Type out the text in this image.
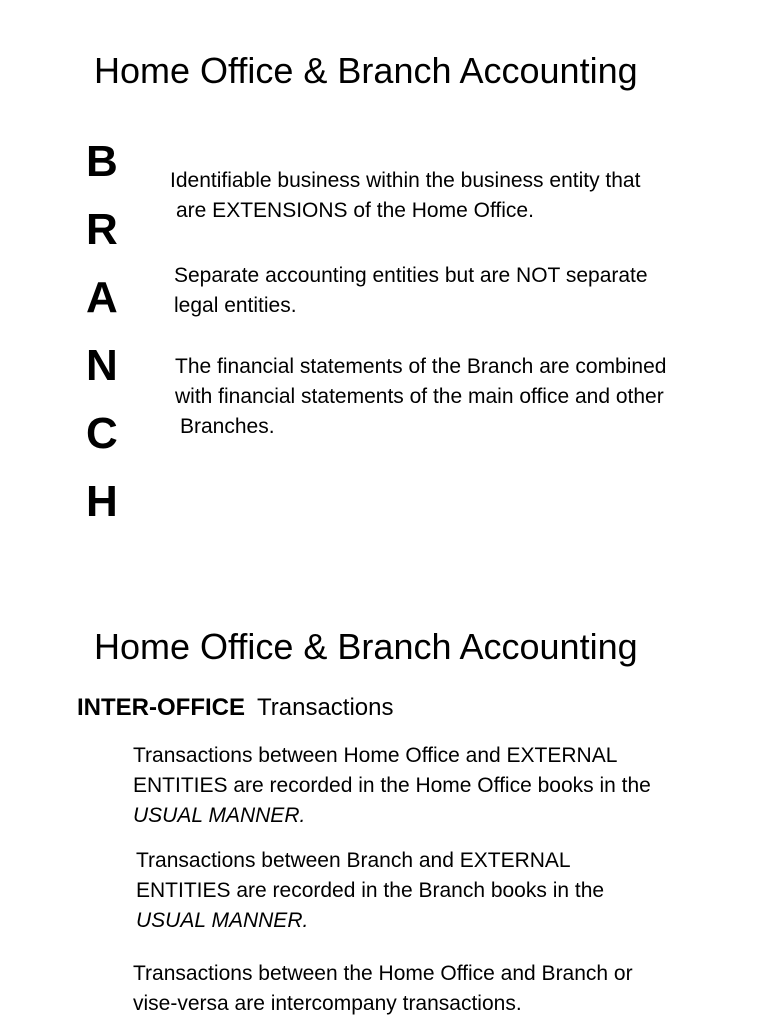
Home Office & Branch Accounting
B
R
A
N
C
H

Identifiable business within the business entity that
are EXTENSIONS of the Home Office.

Separate accounting entities but are NOT separate
legal entities.

The financial statements of the Branch are combined
with financial statements of the main office and other
Branches.

Home Office & Branch Accounting
INTER-OFFICE Transactions

Transactions between Home Office and EXTERNAL
ENTITIES are recorded in the Home Office books in the
USUAL MANNER.

Transactions between Branch and EXTERNAL
ENTITIES are recorded in the Branch books in the
USUAL MANNER.

Transactions between the Home Office and Branch or
vise-versa are intercompany transactions.
